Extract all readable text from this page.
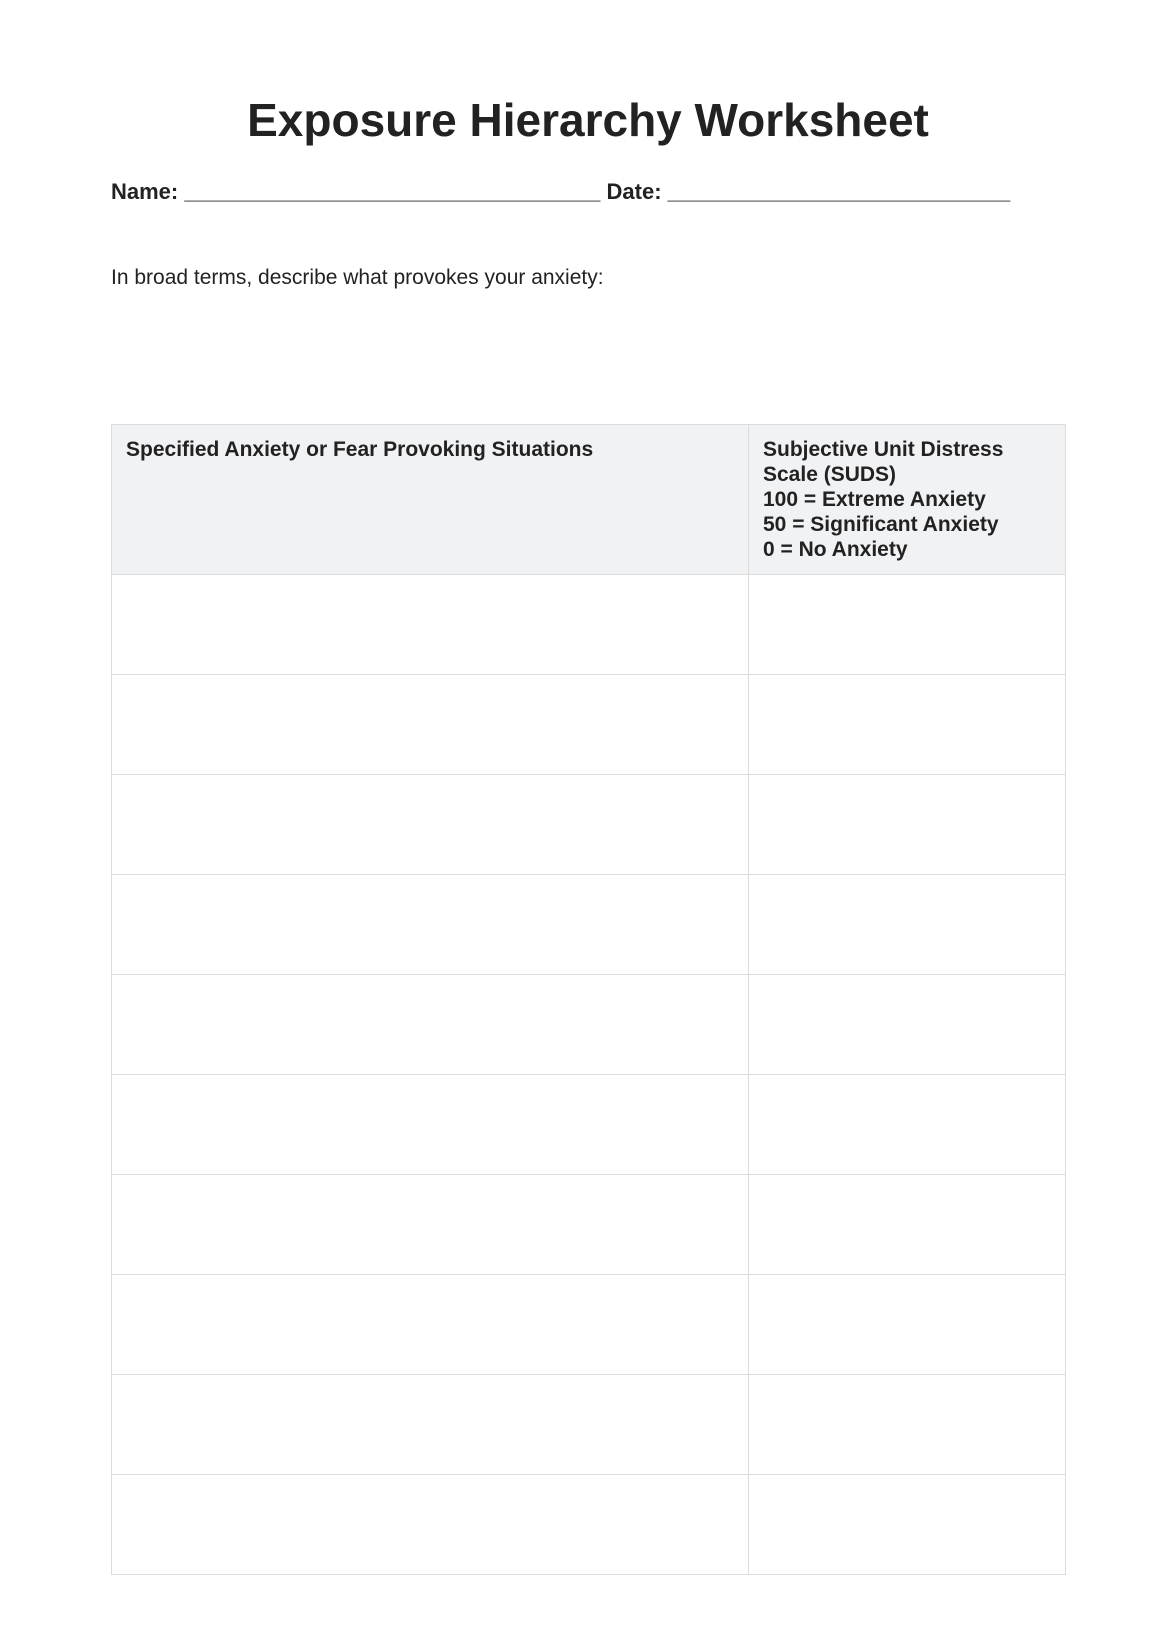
Exposure Hierarchy Worksheet
Name: __________________________________ Date: ____________________________
In broad terms, describe what provokes your anxiety:
Specified Anxiety or Fear Provoking Situations	Subjective Unit Distress
Scale (SUDS)
100 = Extreme Anxiety
50 = Significant Anxiety
0 = No Anxiety
